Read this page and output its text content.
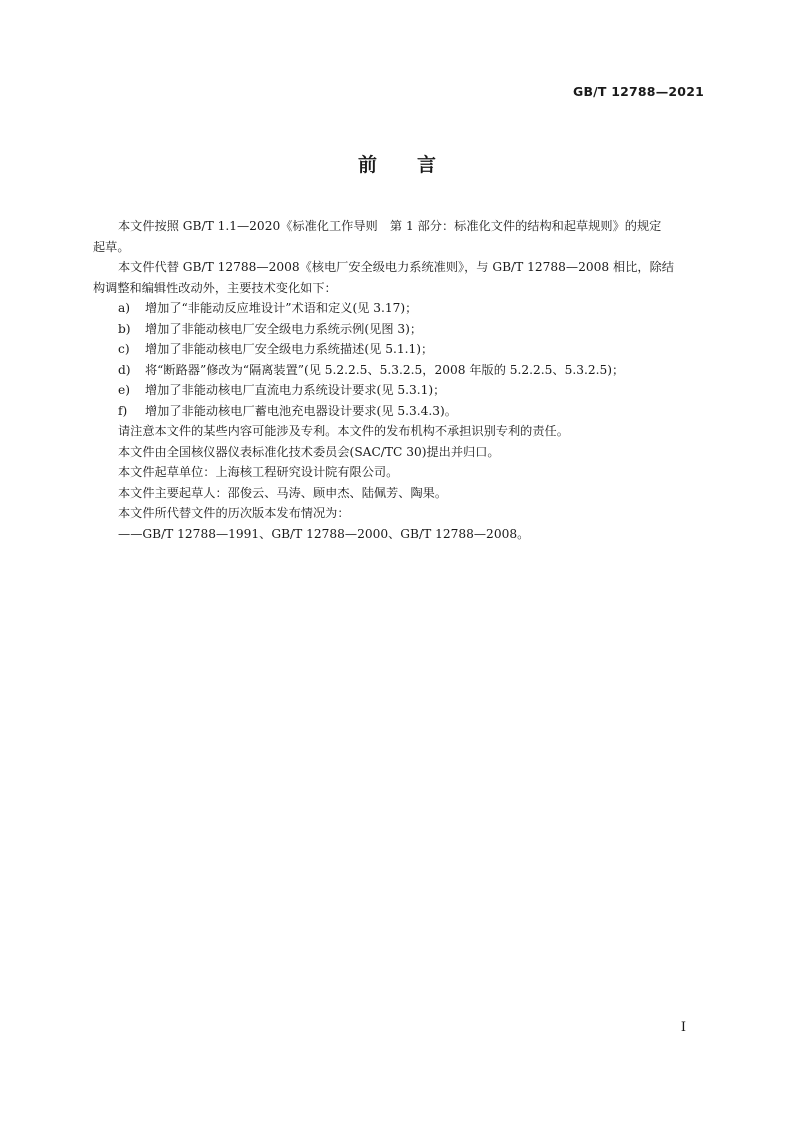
GB/T 12788—2021
前 言

本文件按照 GB/T 1.1—2020《标准化工作导则　第 1 部分：标准化文件的结构和起草规则》的规定

起草。

本文件代替 GB/T 12788—2008《核电厂安全级电力系统准则》，与 GB/T 12788—2008 相比，除结

构调整和编辑性改动外，主要技术变化如下：

a)	增加了“非能动反应堆设计”术语和定义(见 3.17)；
b)	增加了非能动核电厂安全级电力系统示例(见图 3)；
c)	增加了非能动核电厂安全级电力系统描述(见 5.1.1)；
d)	将“断路器”修改为“隔离装置”(见 5.2.2.5、5.3.2.5，2008 年版的 5.2.2.5、5.3.2.5)；
e)	增加了非能动核电厂直流电力系统设计要求(见 5.3.1)；
f)	增加了非能动核电厂蓄电池充电器设计要求(见 5.3.4.3)。

请注意本文件的某些内容可能涉及专利。本文件的发布机构不承担识别专利的责任。

本文件由全国核仪器仪表标准化技术委员会(SAC/TC 30)提出并归口。

本文件起草单位：上海核工程研究设计院有限公司。

本文件主要起草人：邵俊云、马涛、顾申杰、陆佩芳、陶果。

本文件所代替文件的历次版本发布情况为：

——GB/T 12788—1991、GB/T 12788—2000、GB/T 12788—2008。

I
